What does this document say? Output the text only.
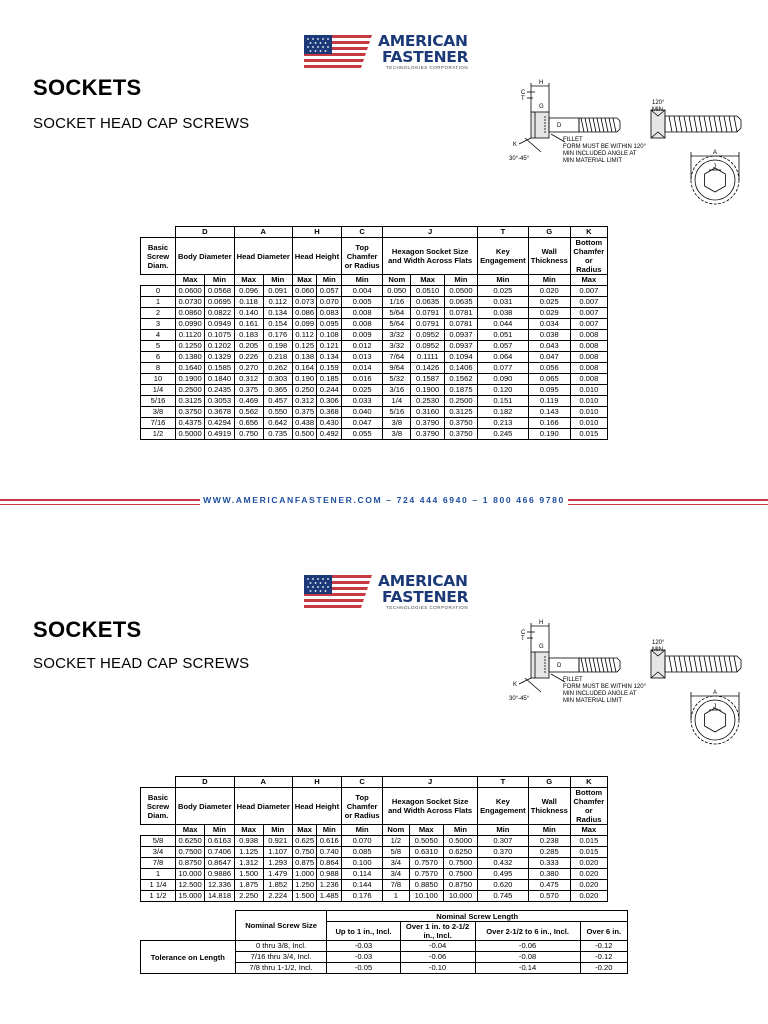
AMERICAN
FASTENER
TECHNOLOGIES CORPORATION
SOCKETS
SOCKET HEAD CAP SCREWS
H
C
T
G
D
K
A
J
30°-45°
120°
MIN
FILLET
FORM MUST BE WITHIN 120°
MIN INCLUDED ANGLE AT
MIN MATERIAL LIMIT
	D		A		H		C	J			T	G	K
Basic Screw Diam.	Body Diameter		Head Diameter		Head Height		Top Chamfer or Radius	Hexagon Socket Size and Width Across Flats			Key Engagement	Wall Thickness	Bottom Chamfer or Radius
	Max	Min	Max	Min	Max	Min	Min	Nom	Max	Min	Min	Min	Max
0	0.0600	0.0568	0.096	0.091	0.060	0.057	0.004	0.050	0.0510	0.0500	0.025	0.020	0.007
1	0.0730	0.0695	0.118	0.112	0.073	0.070	0.005	1/16	0.0635	0.0635	0.031	0.025	0.007
2	0.0860	0.0822	0.140	0.134	0.086	0.083	0.008	5/64	0.0791	0.0781	0.038	0.029	0.007
3	0.0990	0.0949	0.161	0.154	0.099	0.095	0.008	5/64	0.0791	0.0781	0.044	0.034	0.007
4	0.1120	0.1075	0.183	0.176	0.112	0.108	0.009	3/32	0.0952	0.0937	0.051	0.038	0.008
5	0.1250	0.1202	0.205	0.198	0.125	0.121	0.012	3/32	0.0952	0.0937	0.057	0.043	0.008
6	0.1380	0.1329	0.226	0.218	0.138	0.134	0.013	7/64	0.1111	0.1094	0.064	0.047	0.008
8	0.1640	0.1585	0.270	0.262	0.164	0.159	0.014	9/64	0.1426	0.1406	0.077	0.056	0.008
10	0.1900	0.1840	0.312	0.303	0.190	0.185	0.016	5/32	0.1587	0.1562	0.090	0.065	0.008
1/4	0.2500	0.2435	0.375	0.365	0.250	0.244	0.025	3/16	0.1900	0.1875	0.120	0.095	0.010
5/16	0.3125	0.3053	0.469	0.457	0.312	0.306	0.033	1/4	0.2530	0.2500	0.151	0.119	0.010
3/8	0.3750	0.3678	0.562	0.550	0.375	0.368	0.040	5/16	0.3160	0.3125	0.182	0.143	0.010
7/16	0.4375	0.4294	0.656	0.642	0.438	0.430	0.047	3/8	0.3790	0.3750	0.213	0.166	0.010
1/2	0.5000	0.4919	0.750	0.735	0.500	0.492	0.055	3/8	0.3790	0.3750	0.245	0.190	0.015
WWW.AMERICANFASTENER.COM – 724 444 6940 – 1 800 466 9780
AMERICAN
FASTENER
TECHNOLOGIES CORPORATION
SOCKETS
SOCKET HEAD CAP SCREWS
H
C
T
G
D
K
A
J
30°-45°
120°
MIN
FILLET
FORM MUST BE WITHIN 120°
MIN INCLUDED ANGLE AT
MIN MATERIAL LIMIT
	D		A		H		C	J			T	G	K
Basic Screw Diam.	Body Diameter		Head Diameter		Head Height		Top Chamfer or Radius	Hexagon Socket Size and Width Across Flats			Key Engagement	Wall Thickness	Bottom Chamfer or Radius
	Max	Min	Max	Min	Max	Min	Min	Nom	Max	Min	Min	Min	Max
5/8	0.6250	0.6163	0.938	0.921	0.625	0.616	0.070	1/2	0.5050	0.5000	0.307	0.238	0.015
3/4	0.7500	0.7406	1.125	1.107	0.750	0.740	0.085	5/8	0.6310	0.6250	0.370	0.285	0.015
7/8	0.8750	0.8647	1.312	1.293	0.875	0.864	0.100	3/4	0.7570	0.7500	0.432	0.333	0.020
1	10.000	0.9886	1.500	1.479	1.000	0.988	0.114	3/4	0.7570	0.7500	0.495	0.380	0.020
1 1/4	12.500	12.336	1.875	1.852	1.250	1.236	0.144	7/8	0.8850	0.8750	0.620	0.475	0.020
1 1/2	15.000	14.818	2.250	2.224	1.500	1.485	0.176	1	10.100	10.000	0.745	0.570	0.020
	Nominal Screw Size	Nominal Screw Length			
		Up to 1 in., Incl.	Over 1 in. to 2-1/2 in., Incl.	Over 2-1/2 to 6 in., Incl.	Over 6 in.
Tolerance on Length	0 thru 3/8, Incl.	-0.03	-0.04	-0.06	-0.12
	7/16 thru 3/4, Incl.	-0.03	-0.06	-0.08	-0.12
	7/8 thru 1-1/2, Incl.	-0.05	-0.10	-0.14	-0.20
